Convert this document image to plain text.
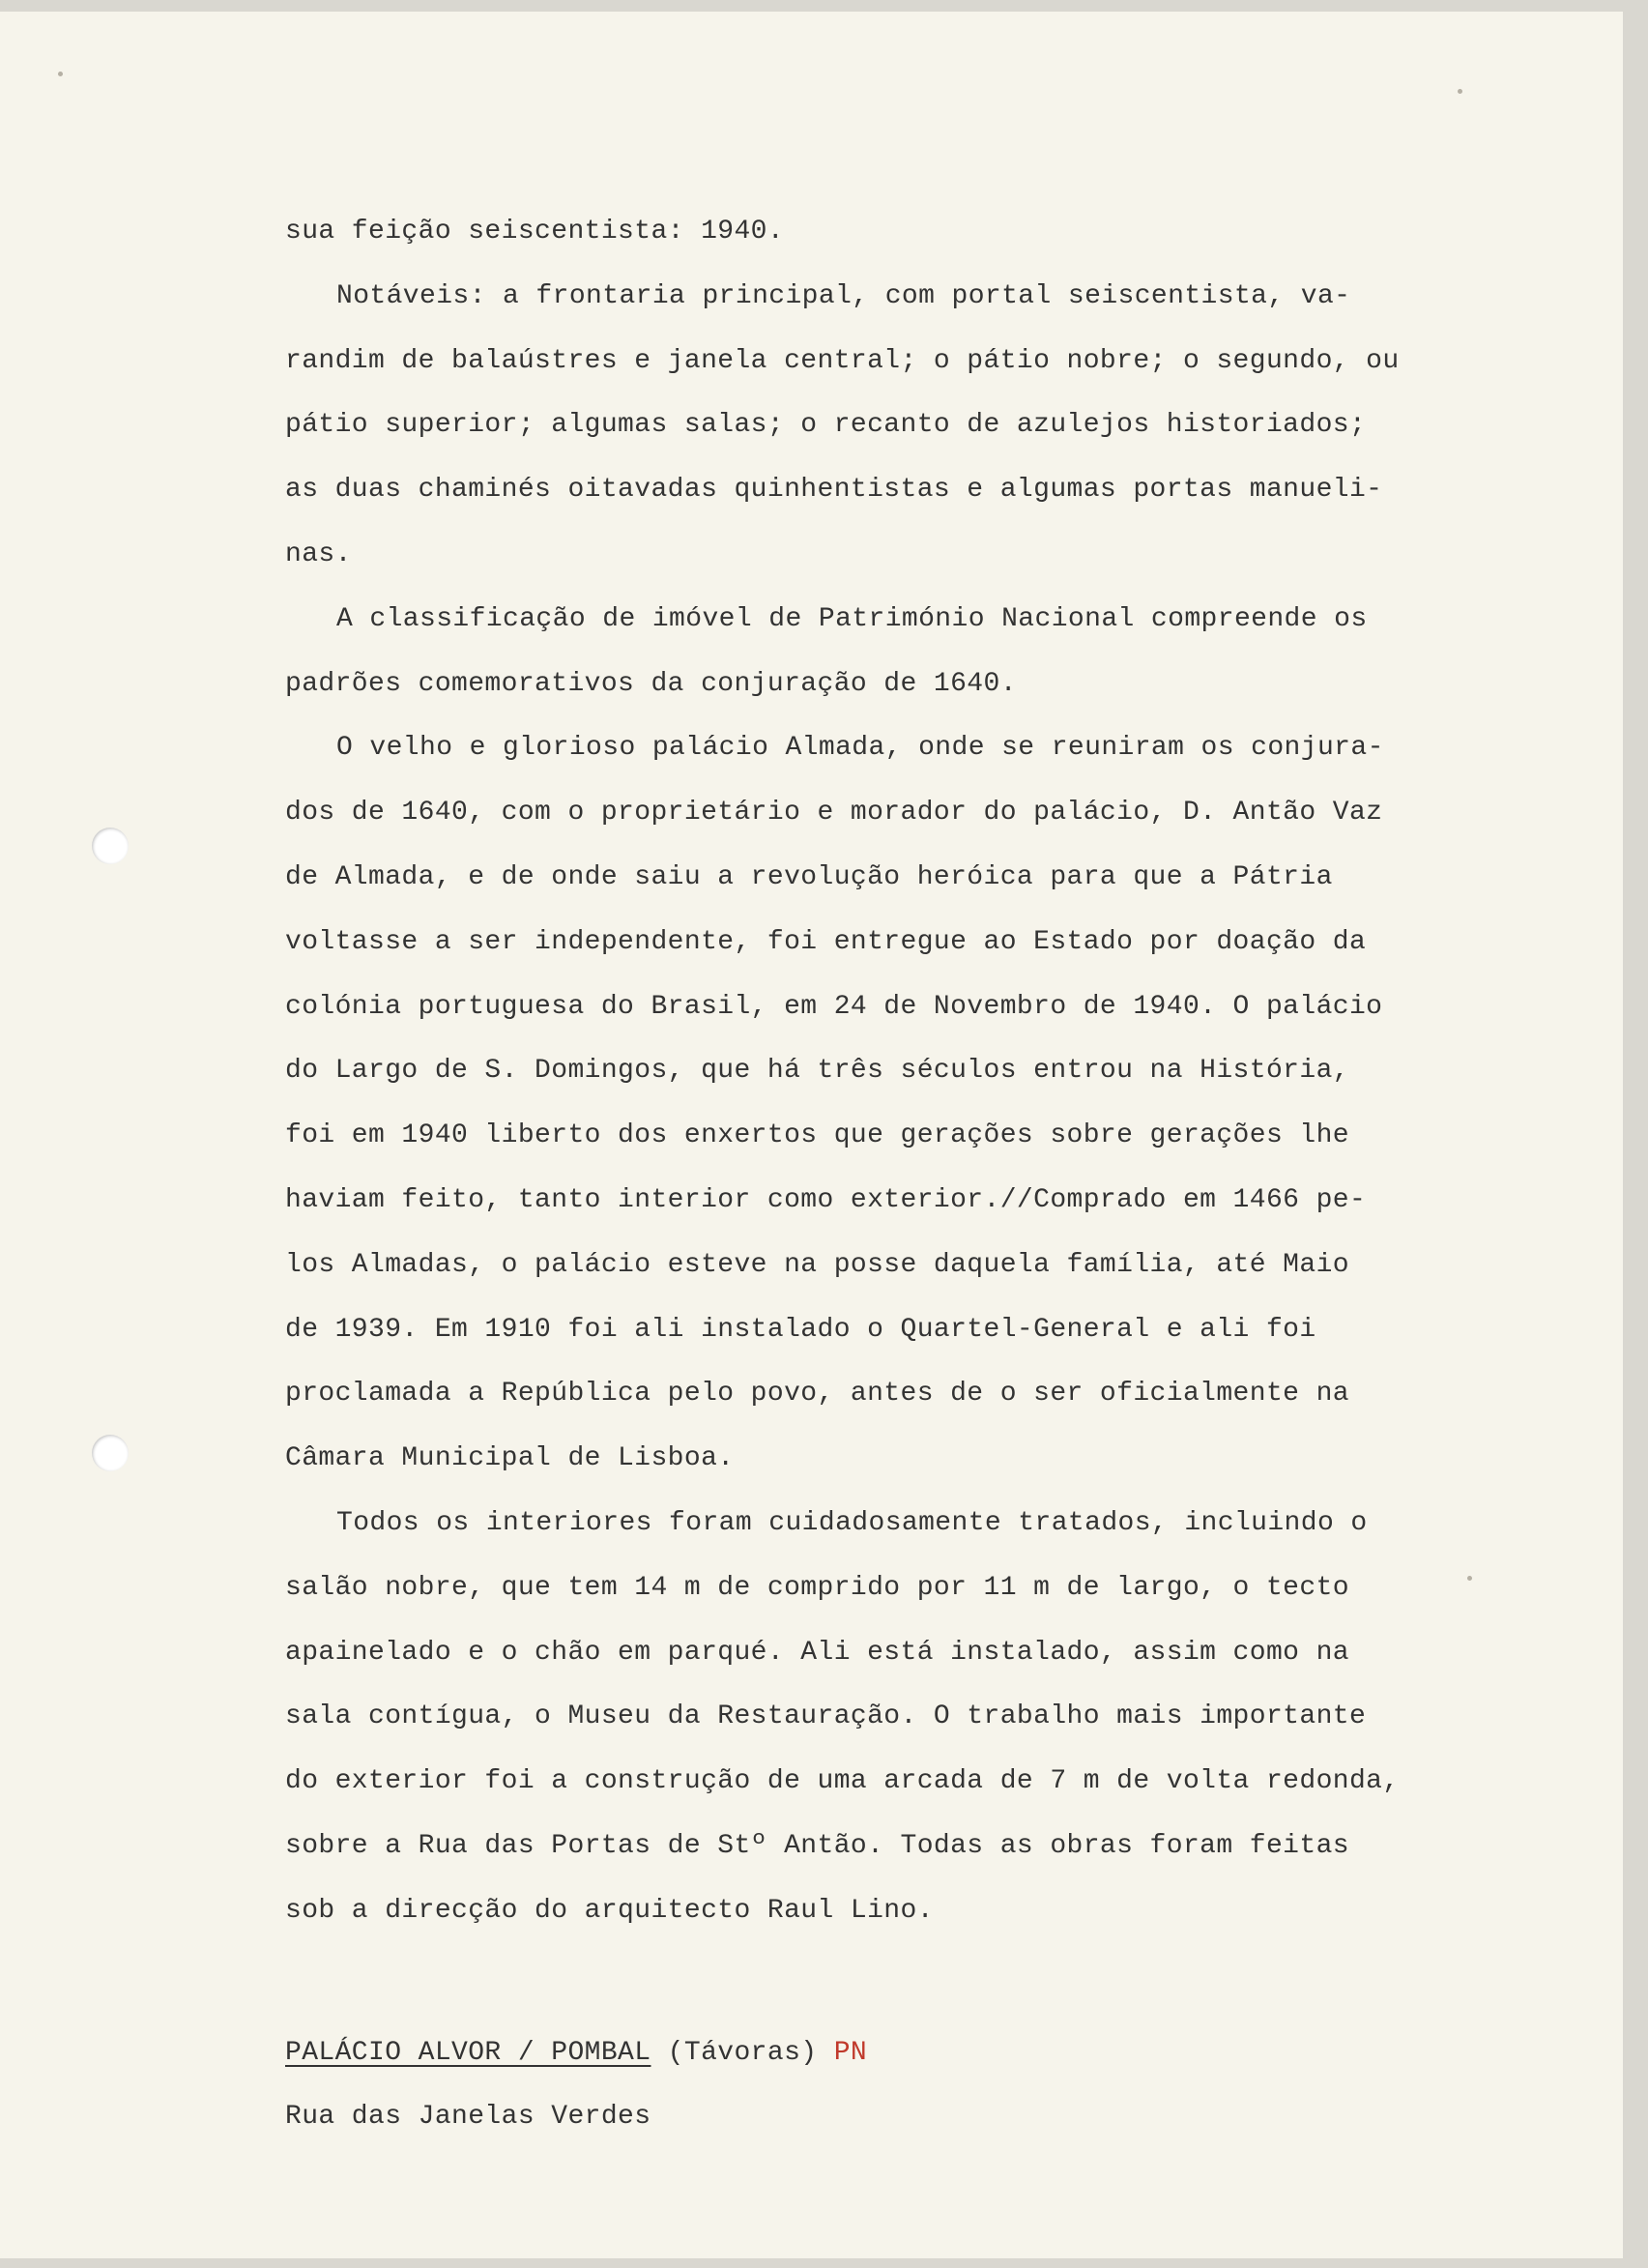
sua feição seiscentista: 1940.
Notáveis: a frontaria principal, com portal seiscentista, va-
randim de balaústres e janela central; o pátio nobre; o segundo, ou
pátio superior; algumas salas; o recanto de azulejos historiados;
as duas chaminés oitavadas quinhentistas e algumas portas manueli-
nas.
A classificação de imóvel de Património Nacional compreende os
padrões comemorativos da conjuração de 1640.
O velho e glorioso palácio Almada, onde se reuniram os conjura-
dos de 1640, com o proprietário e morador do palácio, D. Antão Vaz
de Almada, e de onde saiu a revolução heróica para que a Pátria
voltasse a ser independente, foi entregue ao Estado por doação da
colónia portuguesa do Brasil, em 24 de Novembro de 1940. O palácio
do Largo de S. Domingos, que há três séculos entrou na História,
foi em 1940 liberto dos enxertos que gerações sobre gerações lhe
haviam feito, tanto interior como exterior.//Comprado em 1466 pe-
los Almadas, o palácio esteve na posse daquela família, até Maio
de 1939. Em 1910 foi ali instalado o Quartel-General e ali foi
proclamada a República pelo povo, antes de o ser oficialmente na
Câmara Municipal de Lisboa.
Todos os interiores foram cuidadosamente tratados, incluindo o
salão nobre, que tem 14 m de comprido por 11 m de largo, o tecto
apainelado e o chão em parqué. Ali está instalado, assim como na
sala contígua, o Museu da Restauração. O trabalho mais importante
do exterior foi a construção de uma arcada de 7 m de volta redonda,
sobre a Rua das Portas de Stº Antão. Todas as obras foram feitas
sob a direcção do arquitecto Raul Lino.
PALÁCIO ALVOR / POMBAL (Távoras) PN
Rua das Janelas Verdes
